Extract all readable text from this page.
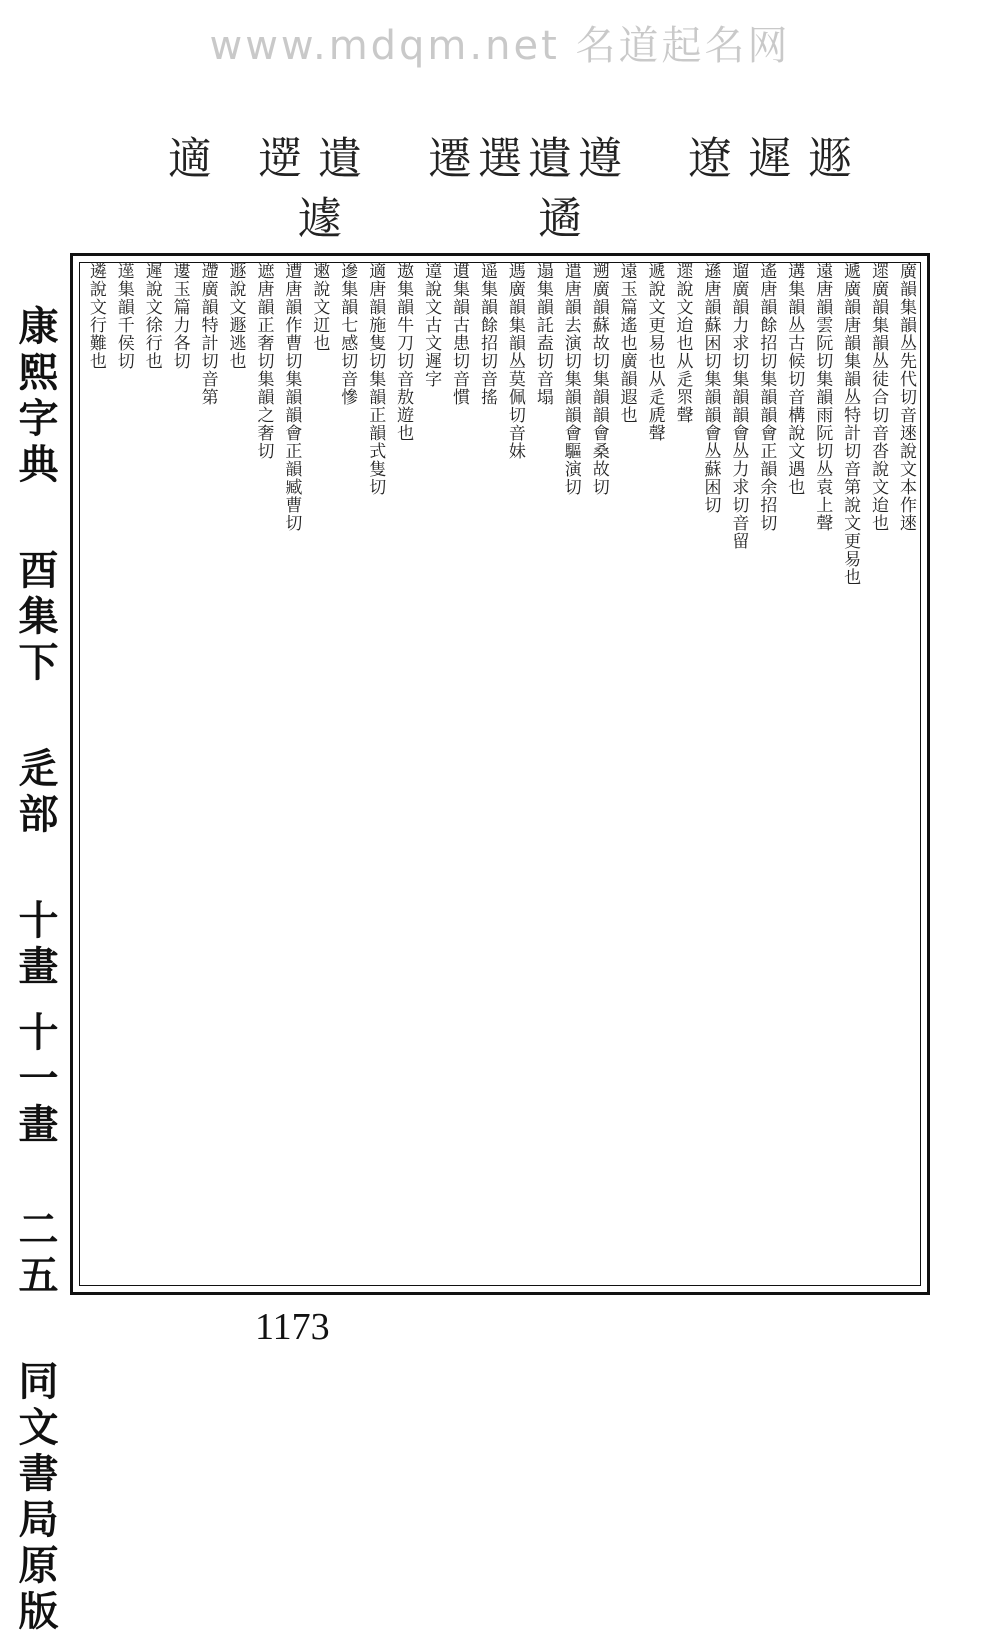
www.mdqm.net 名道起名网
遯
遲
遼
遵
遺
選
遷
遹
遺
遻
遽
適
康熙字典  酉集下  辵部  十畫 十一畫  二五  同文書局原版
廣韻集韻丛先代切音逨說文本作逨
遝廣韻集韻丛徒合切音沓說文迨也
遞廣韻唐韻集韻丛特計切音第說文更易也
遠唐韻雲阮切集韻雨阮切丛袁上聲
遘集韻丛古候切音構說文遇也
遙唐韻餘招切集韻韻會正韻余招切
遛廣韻力求切集韻韻會丛力求切音留
遜唐韻蘇困切集韻韻會丛蘇困切
遝說文迨也从辵眔聲
遞說文更易也从辵虒聲
遠玉篇遙也廣韻遐也
遡廣韻蘇故切集韻韻會桑故切
遣唐韻去演切集韻韻會驅演切
遢集韻託盍切音塌
遤廣韻集韻丛莫佩切音妹
遥集韻餘招切音搖
遦集韻古患切音慣
遧說文古文遲字
遨集韻牛刀切音敖遊也
適唐韻施隻切集韻正韻式隻切
遪集韻七感切音慘
遫說文䢋也
遭唐韻作曹切集韻韻會正韻臧曹切
遮唐韻正奢切集韻之奢切
遯說文遯逃也
遰廣韻特計切音第
遱玉篇力各切
遲說文徐行也
遳集韻千侯切
遴說文行難也
1173
